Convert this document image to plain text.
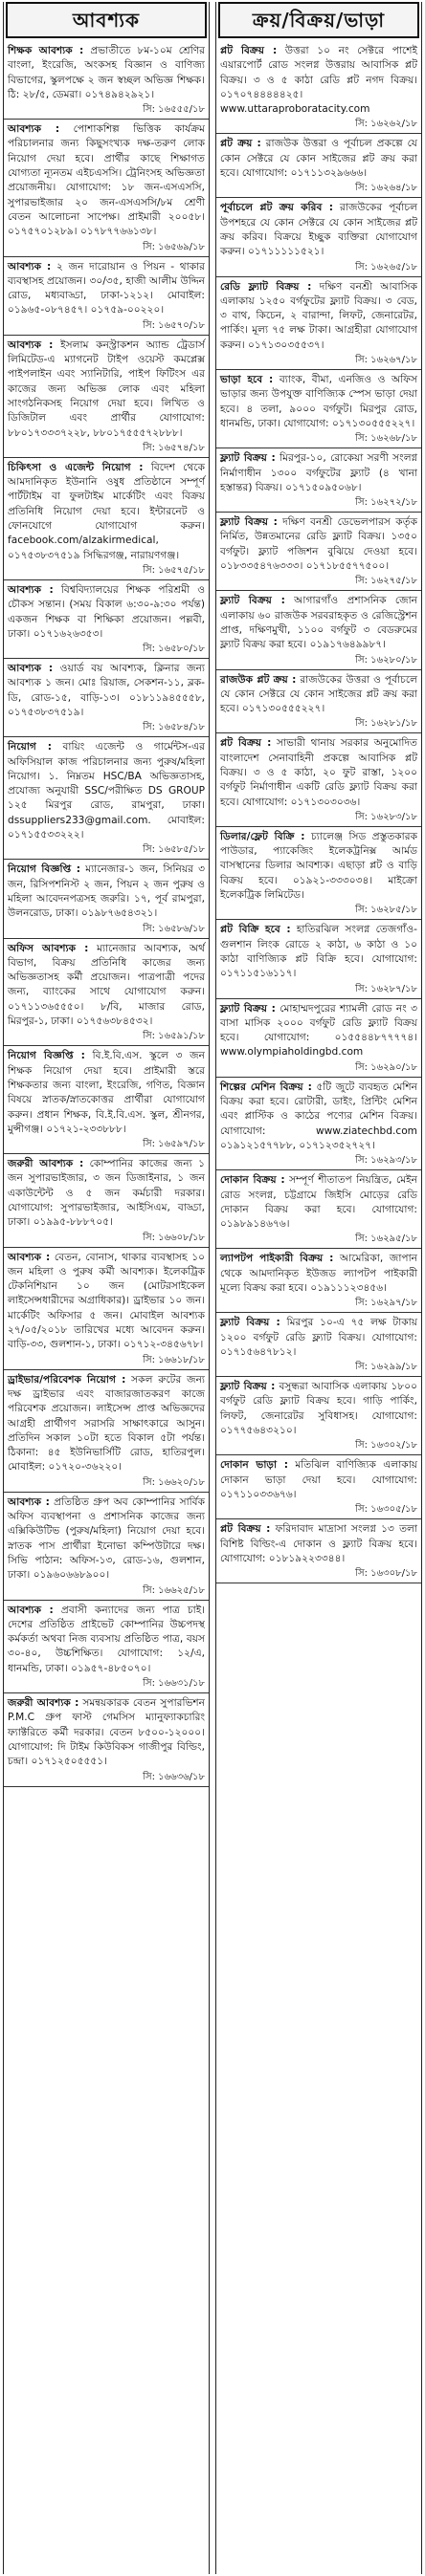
আবশ্যক
শিক্ষক আবশ্যক : প্রভাতীতে ৮ম-১০ম শ্রেণির বাংলা, ইংরেজি, অংকসহ বিজ্ঞান ও বাণিজ্য বিভাগের, স্কুলপক্ষে ২ জন স্বচ্ছল অভিজ্ঞ শিক্ষক। ঠি: ২৮/৫, ডেমরা। ০১৭৪৯৪২৯২১।
সি: ১৬৫৫৫/১৮
আবশ্যক : পোশাকশিল্প ভিত্তিক কার্যক্রম পরিচালনার জন্য কিছুসংখ্যক দক্ষ-তরুণ লোক নিয়োগ দেয়া হবে। প্রার্থীর কাছে শিক্ষাগত যোগ্যতা ন্যূনতম এইচএসসি। ট্রেনিংসহ অভিজ্ঞতা প্রয়োজনীয়। যোগাযোগ: ১৮ জন-এসএসসি, সুপারভাইজার ২০ জন-এসএসসি/৮ম শ্রেণী বেতন আলোচনা সাপেক্ষ। প্রাইমারী ২০০৫৮। ০১৭৫৭০১২৮৯। ০১৭৮৭৭৬৬১৩৮।
সি: ১৬৫৬৯/১৮
আবশ্যক : ২ জন দারোয়ান ও পিয়ন - থাকার ব্যবস্থাসহ প্রয়োজন। ৩০/৩৫, হাজী আলীম উদ্দিন রোড, মধ্যবাড্ডা, ঢাকা-১২১২। মোবাইল: ০১৯৬৫-০৮৭৪৫৭। ০১৭৫৯-০০২২০।
সি: ১৬৫৭০/১৮
আবশ্যক : ইসলাম কনস্ট্রাকশন অ্যান্ড ট্রেডার্স লিমিটেড-এ ম্যাগনেট টাইপ ওয়েস্ট কমপ্লেক্স পাইপলাইন এবং স্যানিটারি, পাইপ ফিটিংস এর কাজের জন্য অভিজ্ঞ লোক এবং মহিলা সাংগঠনিকসহ নিয়োগ দেয়া হবে। লিখিত ও ডিজিটাল এবং প্রার্থীর যোগাযোগ: ৮৮০১৭৩৩৩৭২২৮, ৮৮০১৭৫৫৫৭২৮৮৮।
সি: ১৬৫৭৪/১৮
চিকিৎসা ও এজেন্ট নিয়োগ : বিদেশ থেকে আমদানিকৃত ইউনানি ওষুধ প্রতিষ্ঠানে সম্পূর্ণ পার্টটাইম বা ফুলটাইম মার্কেটিং এবং বিক্রয় প্রতিনিধি নিয়োগ দেয়া হবে। ইন্টারনেট ও ফোনযোগে যোগাযোগ করুন। facebook.com/alzakirmedical, ০১৭৫৩৮৩৭৫১৯ সিদ্ধিরগঞ্জ, নারায়ণগঞ্জ।
সি: ১৬৫৭৫/১৮
আবশ্যক : বিশ্ববিদ্যালয়ের শিক্ষক পরিশ্রমী ও চৌকস সন্তান। (সময় বিকাল ৬:৩০-৯:৩০ পর্যন্ত) একজন শিক্ষক বা শিক্ষিকা প্রয়োজন। পল্লবী, ঢাকা। ০১৭১৬২৬৩৫৩।
সি: ১৬৫৮০/১৮
আবশ্যক : ওয়ার্ড বয় আবশ্যক, ক্লিনার জন্য আবশ্যক ১ জন। মোঃ রিয়াজ, সেকশন-১১, ব্লক-ডি, রোড-১৫, বাড়ি-১৩। ০১৮১১৯৪৫৫৫৮, ০১৭৫৩৮৩৭৫১৯।
সি: ১৬৫৮৪/১৮
নিয়োগ : বায়িং এজেন্ট ও গার্মেন্টস-এর অফিসিয়াল কাজ পরিচালনার জন্য পুরুষ/মহিলা নিয়োগ। ১. নিম্নতম HSC/BA অভিজ্ঞতাসহ, প্রযোজ্য অনুযায়ী SSC/পরীক্ষিত DS GROUP ১২৫ মিরপুর রোড, রামপুরা, ঢাকা। dssuppliers233@gmail.com. মোবাইল: ০১৭১৫৫৩৩২২২।
সি: ১৬৫৮৫/১৮
নিয়োগ বিজ্ঞপ্তি : ম্যানেজার-১ জন, সিনিয়র ৩ জন, রিসিপশনিস্ট ২ জন, পিয়ন ২ জন পুরুষ ও মহিলা আবেদনপত্রসহ জরুরি। ১৭, পূর্ব রামপুরা, উলনরোড, ঢাকা। ০১৯৮৭৬৫৪৩২১।
সি: ১৬৫৮৬/১৮
অফিস আবশ্যক : ম্যানেজার আবশ্যক, অর্থ বিভাগ, বিক্রয় প্রতিনিধি কাজের জন্য অভিজ্ঞতাসহ কর্মী প্রয়োজন। পাত্রপাত্রী পদের জন্য, ব্যাংকের সাথে যোগাযোগ করুন। ০১৭১১৩৬৫৫৫০। ৮/বি, মাজার রোড, মিরপুর-১, ঢাকা। ০১৭৫৬৩৮৪৫৩২।
সি: ১৬৫৯১/১৮
নিয়োগ বিজ্ঞপ্তি : বি.ই.বি.এস. স্কুলে ৩ জন শিক্ষক নিয়োগ দেয়া হবে। প্রাইমারী স্তরে শিক্ষকতার জন্য বাংলা, ইংরেজি, গণিত, বিজ্ঞান বিষয়ে স্নাতক/স্নাতকোত্তর প্রার্থীরা যোগাযোগ করুন। প্রধান শিক্ষক, বি.ই.বি.এস. স্কুল, শ্রীনগর, মুন্সীগঞ্জ। ০১৭২১-২৩৩৮৮৮।
সি: ১৬৫৯৭/১৮
জরুরী আবশ্যক : কোম্পানির কাজের জন্য ১ জন সুপারভাইজার, ৩ জন ডিজাইনার, ১ জন একাউন্টেন্ট ও ৫ জন কর্মচারী দরকার। যোগাযোগ: সুপারভাইজার, আইসিএম, বাড্ডা, ঢাকা। ০১৯৯৫-৮৮৮৭০৫।
সি: ১৬৬০৮/১৮
আবশ্যক : বেতন, বোনাস, থাকার ব্যবস্থাসহ ১০ জন মহিলা ও পুরুষ কর্মী আবশ্যক। ইলেকট্রিক টেকনিশিয়ান ১০ জন (মোটরসাইকেল লাইসেন্সধারীদের অগ্রাধিকার)। ড্রাইভার ১০ জন। মার্কেটিং অফিসার ৫ জন। মোবাইল আবশ্যক ২৭/০৫/২০১৮ তারিখের মধ্যে আবেদন করুন। বাড়ি-৩৩, গুলশান-১, ঢাকা। ০১৭১২-৩৪৫৬৭৮।
সি: ১৬৬১৮/১৮
ড্রাইভার/পরিবেশক নিয়োগ : সকল রুটের জন্য দক্ষ ড্রাইভার এবং বাজারজাতকরণ কাজে পরিবেশক প্রয়োজন। লাইসেন্স প্রাপ্ত অভিজ্ঞদের আগ্রহী প্রার্থীগণ সরাসরি সাক্ষাৎকারে আসুন। প্রতিদিন সকাল ১০টা হতে বিকাল ৫টা পর্যন্ত। ঠিকানা: ৪৫ ইউনিভার্সিটি রোড, হাতিরপুল। মোবাইল: ০১৭২০-৩৬২২০।
সি: ১৬৬২০/১৮
আবশ্যক : প্রতিষ্ঠিত গ্রুপ অব কোম্পানির সার্বিক অফিস ব্যবস্থাপনা ও প্রশাসনিক কাজের জন্য এক্সিকিউটিভ (পুরুষ/মহিলা) নিয়োগ দেয়া হবে। স্নাতক পাস প্রার্থীরা ইনোভা কম্পিউটারে দক্ষ। সিভি পাঠান: অফিস-১৩, রোড-১৬, গুলশান, ঢাকা। ০১৯৬০৬৬৮৯০০।
সি: ১৬৬২৫/১৮
আবশ্যক : প্রবাসী কন্যাদের জন্য পাত্র চাই। দেশের প্রতিষ্ঠিত প্রাইভেট কোম্পানির উচ্চপদস্থ কর্মকর্তা অথবা নিজ ব্যবসায় প্রতিষ্ঠিত পাত্র, বয়স ৩০-৪০, উচ্চশিক্ষিত। যোগাযোগ: ১২/এ, ধানমন্ডি, ঢাকা। ০১৯৫৭-৪৮৫০৭০।
সি: ১৬৬৩১/১৮
জরুরী আবশ্যক : সমন্বয়কারক বেতন সুপারভিশন P.M.C গ্রুপ ফাস্ট গেমসিস ম্যানুফ্যাকচারিং ফ্যাক্টরিতে কর্মী দরকার। বেতন ৮৫০০-১২০০০। যোগাযোগ: দি টাইম কিউবিকস গাজীপুর বিল্ডিং, চন্দ্রা। ০১৭১২৫০৫৫৫১।
সি: ১৬৬৩৬/১৮
ক্রয়/বিক্রয়/ভাড়া
প্লট বিক্রয় : উত্তরা ১০ নং সেক্টরে পাশেই এয়ারপোর্ট রোড সংলগ্ন উত্তরায় আবাসিক প্লট বিক্রয়। ৩ ও ৫ কাঠা রেডি প্লট নগদ বিক্রয়। ০১৭০৭৪৪৪৪৪২৫। www.uttaraproboratacity.com
সি: ১৬২৬২/১৮
প্লট ক্রয় : রাজউক উত্তরা ও পূর্বাচল প্রকল্পে যে কোন সেক্টরে যে কোন সাইজের প্লট ক্রয় করা হবে। যোগাযোগ: ০১৭১১৩২৯৬৬৬।
সি: ১৬২৬৪/১৮
পূর্বাচলে প্লট ক্রয় করিব : রাজউকের পূর্বাচল উপশহরে যে কোন সেক্টরে যে কোন সাইজের প্লট ক্রয় করিব। বিক্রয়ে ইচ্ছুক ব্যক্তিরা যোগাযোগ করুন। ০১৭১১১১১৫২১।
সি: ১৬২৬৫/১৮
রেডি ফ্ল্যাট বিক্রয় : দক্ষিণ বনশ্রী আবাসিক এলাকায় ১২৫০ বর্গফুটের ফ্ল্যাট বিক্রয়। ৩ বেড, ৩ বাথ, কিচেন, ২ বারান্দা, লিফট, জেনারেটর, পার্কিং। মূল্য ৭৫ লক্ষ টাকা। আগ্রহীরা যোগাযোগ করুন। ০১৭১৩০৩৫৫৩৭।
সি: ১৬২৬৭/১৮
ভাড়া হবে : ব্যাংক, বীমা, এনজিও ও অফিস ভাড়ার জন্য উপযুক্ত বাণিজ্যিক স্পেস ভাড়া দেয়া হবে। ৪ তলা, ৯০০০ বর্গফুট। মিরপুর রোড, ধানমন্ডি, ঢাকা। যোগাযোগ: ০১৭১৩০৫৫৫২২৭।
সি: ১৬২৬৮/১৮
ফ্ল্যাট বিক্রয় : মিরপুর-১০, রোকেয়া সরণী সংলগ্ন নির্মাণাধীন ১৩০০ বর্গফুটের ফ্ল্যাট (৪ খানা হস্তান্তর) বিক্রয়। ০১৭১৫০৯৫০৬৮।
সি: ১৬২৭২/১৮
ফ্ল্যাট বিক্রয় : দক্ষিণ বনশ্রী ডেভেলপারস কর্তৃক নির্মিত, উন্নতমানের রেডি ফ্ল্যাট বিক্রয়। ১৩৫০ বর্গফুট। ফ্ল্যাট পজিশন বুঝিয়ে দেওয়া হবে। ০১৮৩৩৫৪৭৬৩৩৩। ০১৭১৮৫৫৭৭৫০০।
সি: ১৬২৭৫/১৮
ফ্ল্যাট বিক্রয় : আগারগাঁও প্রশাসনিক জোন এলাকায় ৬০ রাজউক সরবরাহকৃত ও রেজিস্ট্রেশন প্রাপ্ত, দক্ষিণমুখী, ১১০০ বর্গফুট ৩ বেডরুমের ফ্ল্যাট বিক্রয় করা হবে। ০১৯১৭৬৪৯৯৮৭।
সি: ১৬২৮০/১৮
রাজউক প্লট ক্রয় : রাজউকের উত্তরা ও পূর্বাচলে যে কোন সেক্টরে যে কোন সাইজের প্লট ক্রয় করা হবে। ০১৭১৩০৫৫৫২২৭।
সি: ১৬২৮১/১৮
প্লট বিক্রয় : সাভারী থানায় সরকার অনুমোদিত বাংলাদেশ সেনাবাহিনী প্রকল্পে আবাসিক প্লট বিক্রয়। ৩ ও ৫ কাঠা, ২০ ফুট রাস্তা, ১২০০ বর্গফুট নির্মাণাধীন একটি রেডি ফ্ল্যাট বিক্রয় করা হবে। যোগাযোগ: ০১৭১৩০৩০৩৬।
সি: ১৬২৮৩/১৮
ডিলার/ফ্লেট বিক্রি : চ্যালেঞ্জ সিড প্রস্তুতকারক পাউডার, প্যাকেজিং ইলেকট্রনিক্স আর্মড বাসস্থানের ডিলার আবশ্যক। এছাড়া প্লট ও বাড়ি বিক্রয় হবে। ০১৯২১-৩৩৩০৩৪। মাইক্রো ইলেকট্রিক লিমিটেড।
সি: ১৬২৮৫/১৮
প্লট বিক্রি হবে : হাতিরঝিল সংলগ্ন তেজগাঁও-গুলশান লিংক রোডে ২ কাঠা, ৬ কাঠা ও ১০ কাঠা বাণিজ্যিক প্লট বিক্রি হবে। যোগাযোগ: ০১৭১১৫১৬১১৭।
সি: ১৬২৮৭/১৮
ফ্ল্যাট বিক্রয় : মোহাম্মদপুরের শ্যামলী রোড নং ৩ বাসা মাসিক ২০০০ বর্গফুট রেডি ফ্ল্যাট বিক্রয় হবে। যোগাযোগ: ০১৫৫৪৪৮৭৭৭৭৪। www.olympiaholdingbd.com
সি: ১৬২৯০/১৮
শিল্পের মেশিন বিক্রয় : ৫টি জুটে ব্যবহৃত মেশিন বিক্রয় করা হবে। রোটারী, ডাইং, প্রিন্টিং মেশিন এবং প্লাস্টিক ও কাঠের পণ্যের মেশিন বিক্রয়। যোগাযোগ: www.ziatechbd.com ০১৯১২১৫৭৭৮৮, ০১৭১২৩৫২৭২৭।
সি: ১৬২৯৩/১৮
দোকান বিক্রয় : সম্পূর্ণ শীতাতপ নিয়ন্ত্রিত, মেইন রোড সংলগ্ন, চট্টগ্রামে জিইসি মোড়ের রেডি দোকান বিক্রয় করা হবে। যোগাযোগ: ০১৯৮৯১৪৬৭৬।
সি: ১৬২৯৫/১৮
ল্যাপটপ পাইকারী বিক্রয় : আমেরিকা, জাপান থেকে আমদানিকৃত ইউজড ল্যাপটপ পাইকারী মূল্যে বিক্রয় করা হবে। ০১৯১১১২৩৪৫৬।
সি: ১৬২৯৭/১৮
ফ্ল্যাট বিক্রয় : মিরপুর ১০-এ ৭৫ লক্ষ টাকায় ১২০০ বর্গফুট রেডি ফ্ল্যাট বিক্রয়। যোগাযোগ: ০১৭১৫৬৪৭৮১২।
সি: ১৬২৯৯/১৮
ফ্ল্যাট বিক্রয় : বসুন্ধরা আবাসিক এলাকায় ১৮০০ বর্গফুট রেডি ফ্ল্যাট বিক্রয় হবে। গাড়ি পার্কিং, লিফট, জেনারেটর সুবিধাসহ। যোগাযোগ: ০১৭৭৫৬৪৩২১০।
সি: ১৬৩০২/১৮
দোকান ভাড়া : মতিঝিল বাণিজ্যিক এলাকায় দোকান ভাড়া দেয়া হবে। যোগাযোগ: ০১৭১১০৩৩৬৭৬।
সি: ১৬৩০৫/১৮
প্লট বিক্রয় : ফরিদাবাদ মাদ্রাসা সংলগ্ন ১৩ তলা বিশিষ্ট বিল্ডিং-এ দোকান ও ফ্ল্যাট বিক্রয় হবে। যোগাযোগ: ০১৮১৯২২৩৩৪৪।
সি: ১৬৩০৮/১৮
